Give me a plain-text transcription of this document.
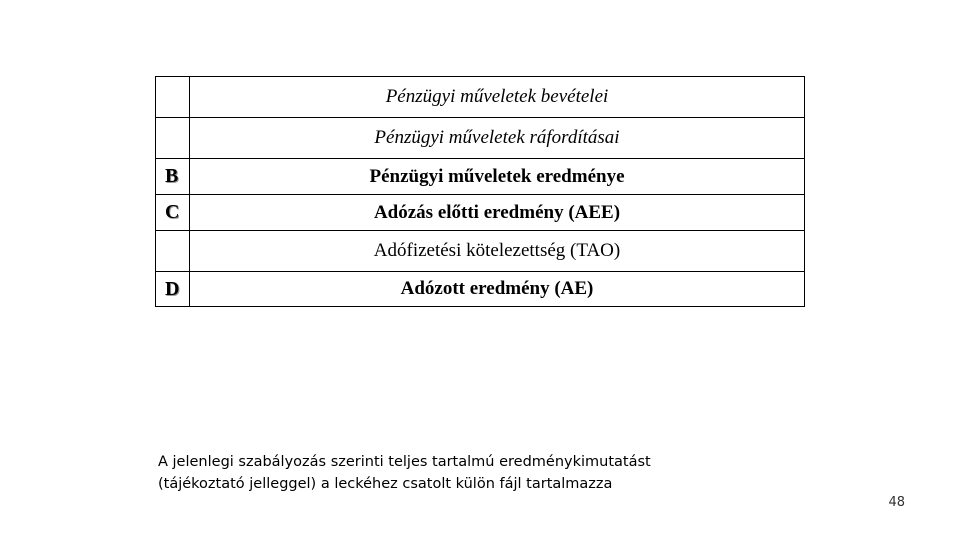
	Pénzügyi műveletek bevételei
	Pénzügyi műveletek ráfordításai
B	Pénzügyi műveletek eredménye
C	Adózás előtti eredmény (AEE)
	Adófizetési kötelezettség (TAO)
D	Adózott eredmény (AE)
A jelenlegi szabályozás szerinti teljes tartalmú eredménykimutatást
(tájékoztató jelleggel) a leckéhez csatolt külön fájl tartalmazza
48
